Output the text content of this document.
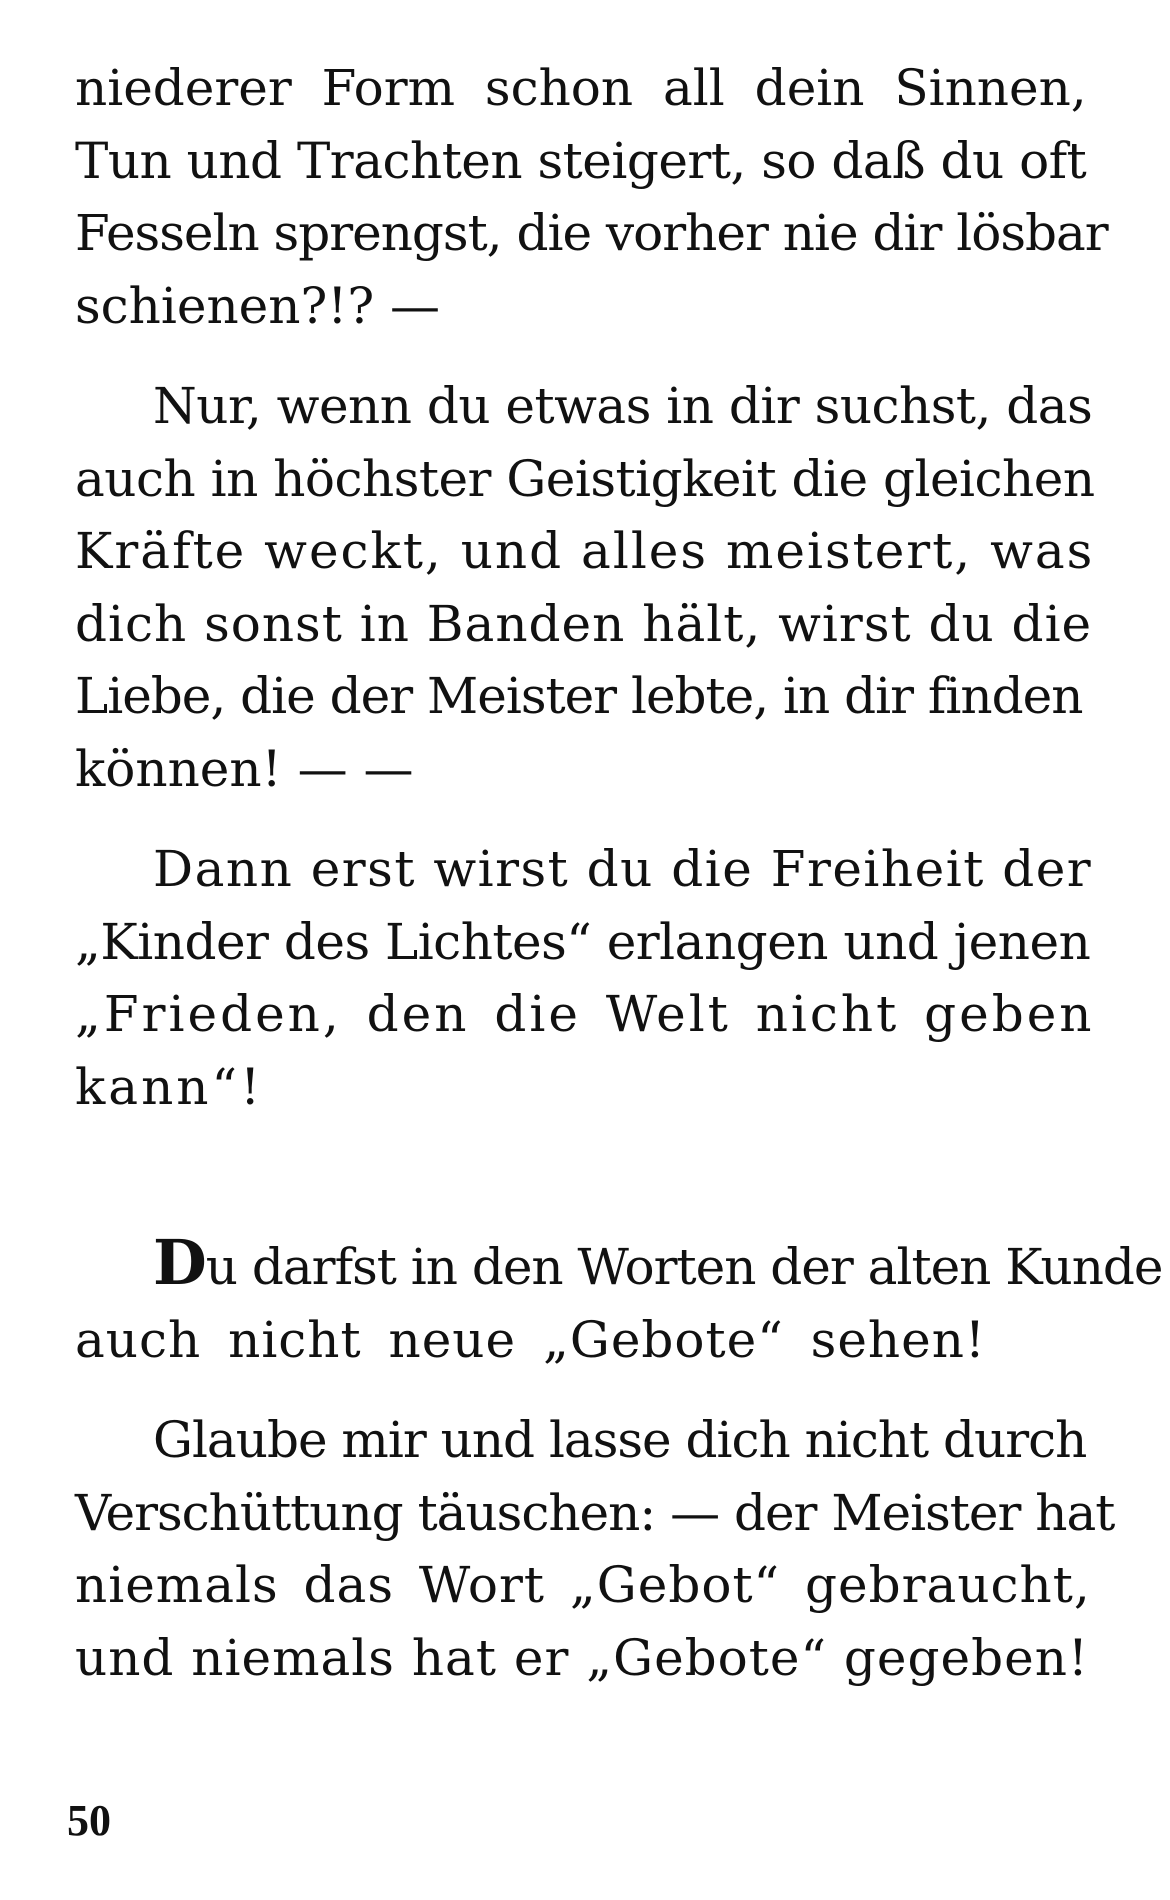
niederer Form schon all dein Sinnen,
Tun und Trachten steigert, so daß du oft
Fesseln sprengst, die vorher nie dir lösbar
schienen?!? —

Nur, wenn du etwas in dir suchst, das
auch in höchster Geistigkeit die gleichen
Kräfte weckt, und alles meistert, was
dich sonst in Banden hält, wirst du die
Liebe, die der Meister lebte, in dir finden
können! — —

Dann erst wirst du die Freiheit der
„Kinder des Lichtes“ erlangen und jenen
„Frieden, den die Welt nicht geben
kann“!

Du darfst in den Worten der alten Kunde
auch nicht neue „Gebote“ sehen!

Glaube mir und lasse dich nicht durch
Verschüttung täuschen: — der Meister hat
niemals das Wort „Gebot“ gebraucht,
und niemals hat er „Gebote“ gegeben!

50
